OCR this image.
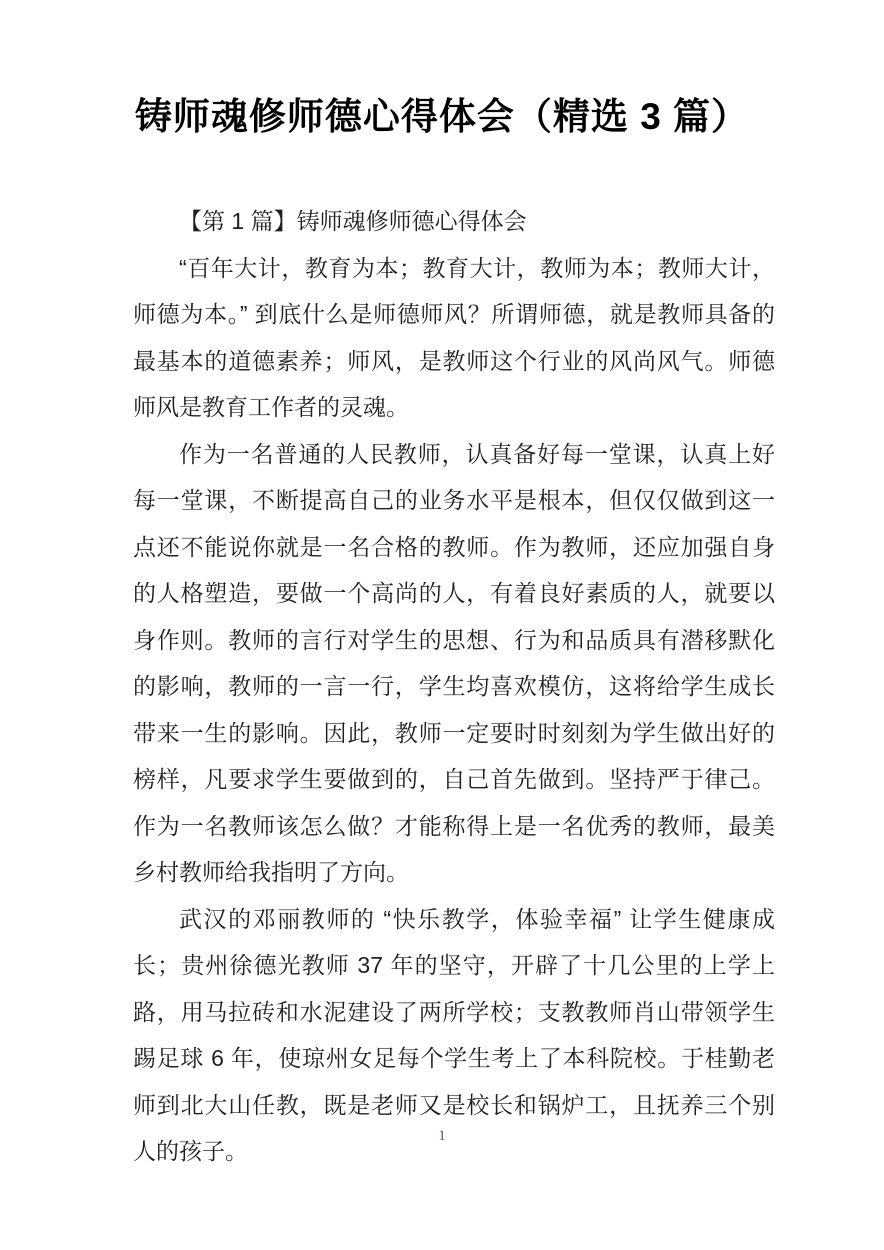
铸师魂修师德心得体会（精选 3 篇）

【第 1 篇】铸师魂修师德心得体会

“百年大计，教育为本；教育大计，教师为本；教师大计，师德为本。” 到底什么是师德师风？所谓师德，就是教师具备的最基本的道德素养；师风，是教师这个行业的风尚风气。师德师风是教育工作者的灵魂。

作为一名普通的人民教师，认真备好每一堂课，认真上好每一堂课，不断提高自己的业务水平是根本，但仅仅做到这一点还不能说你就是一名合格的教师。作为教师，还应加强自身的人格塑造，要做一个高尚的人，有着良好素质的人，就要以身作则。教师的言行对学生的思想、行为和品质具有潜移默化的影响，教师的一言一行，学生均喜欢模仿，这将给学生成长带来一生的影响。因此，教师一定要时时刻刻为学生做出好的榜样，凡要求学生要做到的，自己首先做到。坚持严于律己。作为一名教师该怎么做？才能称得上是一名优秀的教师，最美乡村教师给我指明了方向。

武汉的邓丽教师的 “快乐教学，体验幸福” 让学生健康成长；贵州徐德光教师 37 年的坚守，开辟了十几公里的上学上路，用马拉砖和水泥建设了两所学校；支教教师肖山带领学生踢足球 6 年，使琼州女足每个学生考上了本科院校。于桂勤老师到北大山任教，既是老师又是校长和锅炉工，且抚养三个别人的孩子。

1
